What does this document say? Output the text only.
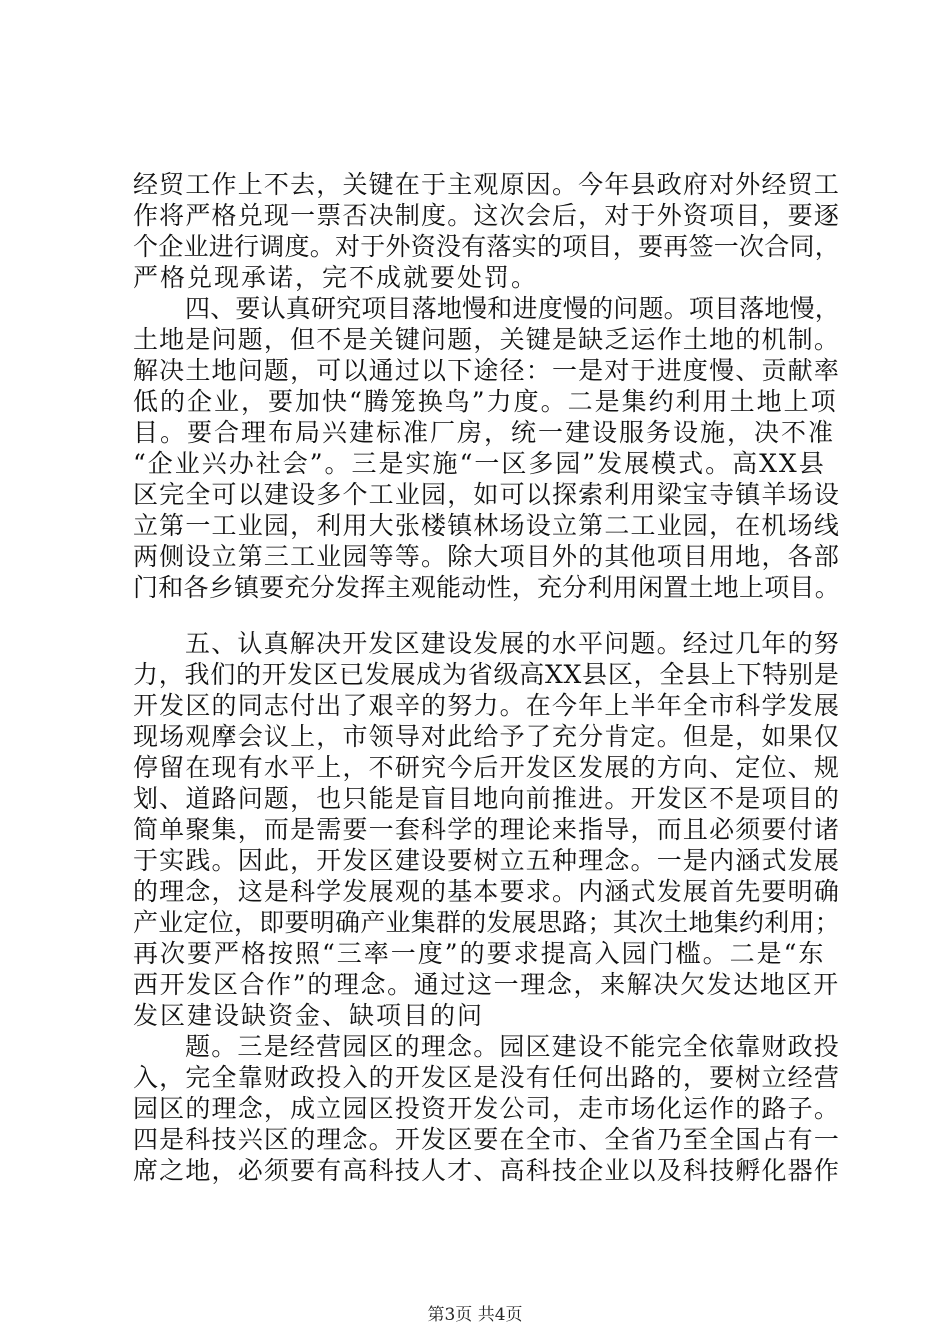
经贸工作上不去，关键在于主观原因。今年县政府对外经贸工
作将严格兑现一票否决制度。这次会后，对于外资项目，要逐
个企业进行调度。对于外资没有落实的项目，要再签一次合同，
严格兑现承诺，完不成就要处罚。
四、要认真研究项目落地慢和进度慢的问题。项目落地慢，
土地是问题，但不是关键问题，关键是缺乏运作土地的机制。
解决土地问题，可以通过以下途径：一是对于进度慢、贡献率
低的企业，要加快“腾笼换鸟”力度。二是集约利用土地上项
目。要合理布局兴建标准厂房，统一建设服务设施，决不准
“企业兴办社会”。三是实施“一区多园”发展模式。高XX县
区完全可以建设多个工业园，如可以探索利用梁宝寺镇羊场设
立第一工业园，利用大张楼镇林场设立第二工业园，在机场线
两侧设立第三工业园等等。除大项目外的其他项目用地，各部
门和各乡镇要充分发挥主观能动性，充分利用闲置土地上项目。
五、认真解决开发区建设发展的水平问题。经过几年的努
力，我们的开发区已发展成为省级高XX县区，全县上下特别是
开发区的同志付出了艰辛的努力。在今年上半年全市科学发展
现场观摩会议上，市领导对此给予了充分肯定。但是，如果仅
停留在现有水平上，不研究今后开发区发展的方向、定位、规
划、道路问题，也只能是盲目地向前推进。开发区不是项目的
简单聚集，而是需要一套科学的理论来指导，而且必须要付诸
于实践。因此，开发区建设要树立五种理念。一是内涵式发展
的理念，这是科学发展观的基本要求。内涵式发展首先要明确
产业定位，即要明确产业集群的发展思路；其次土地集约利用；
再次要严格按照“三率一度”的要求提高入园门槛。二是“东
西开发区合作”的理念。通过这一理念，来解决欠发达地区开
发区建设缺资金、缺项目的问
题。三是经营园区的理念。园区建设不能完全依靠财政投
入，完全靠财政投入的开发区是没有任何出路的，要树立经营
园区的理念，成立园区投资开发公司，走市场化运作的路子。
四是科技兴区的理念。开发区要在全市、全省乃至全国占有一
席之地，必须要有高科技人才、高科技企业以及科技孵化器作
第3页 共4页
